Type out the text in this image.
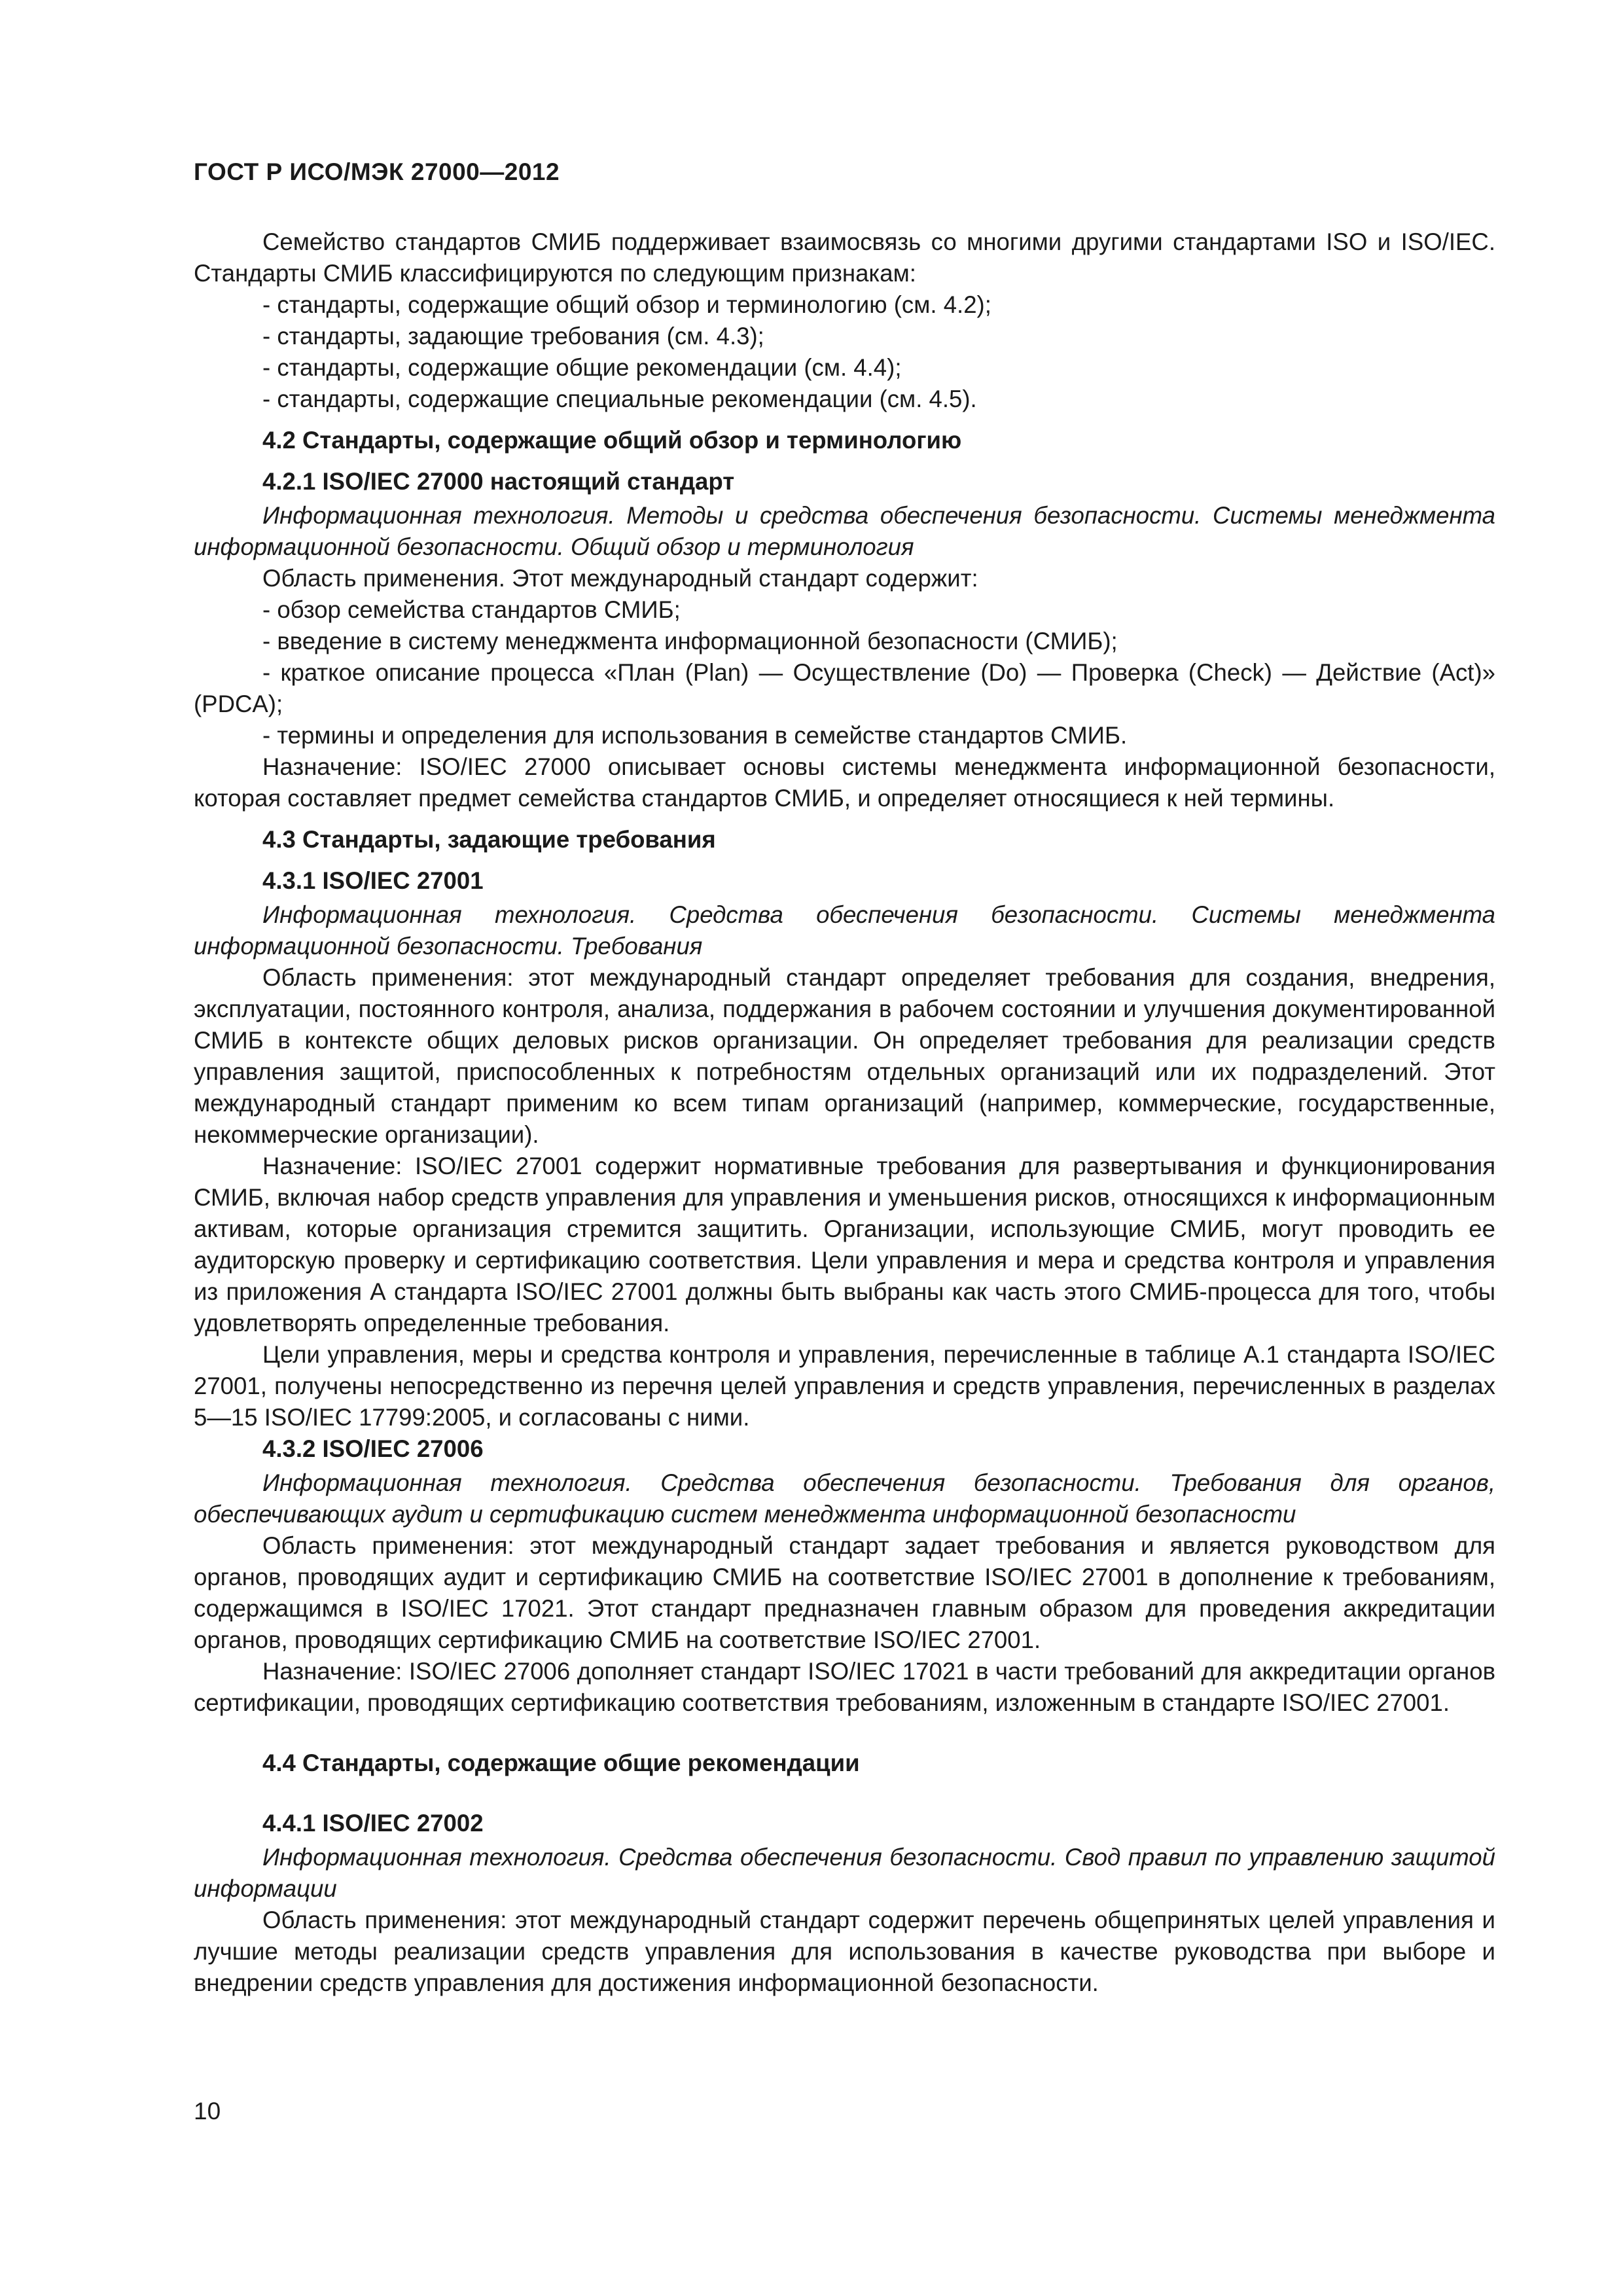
ГОСТ Р ИСО/МЭК 27000—2012

Семейство стандартов СМИБ поддерживает взаимосвязь со многими другими стандартами ISO и ISO/IEC. Стандарты СМИБ классифицируются по следующим признакам:

- стандарты, содержащие общий обзор и терминологию (см. 4.2);

- стандарты, задающие требования (см. 4.3);

- стандарты, содержащие общие рекомендации (см. 4.4);

- стандарты, содержащие специальные рекомендации (см. 4.5).

4.2 Стандарты, содержащие общий обзор и терминологию

4.2.1 ISO/IEC 27000 настоящий стандарт

Информационная технология. Методы и средства обеспечения безопасности. Системы менеджмента информационной безопасности. Общий обзор и терминология

Область применения. Этот международный стандарт содержит:

- обзор семейства стандартов СМИБ;

- введение в систему менеджмента информационной безопасности (СМИБ);

- краткое описание процесса «План (Plan) — Осуществление (Do) — Проверка (Check) — Действие (Act)» (PDCA);

- термины и определения для использования в семействе стандартов СМИБ.

Назначение: ISO/IEC 27000 описывает основы системы менеджмента информационной безопасности, которая составляет предмет семейства стандартов СМИБ, и определяет относящиеся к ней термины.

4.3 Стандарты, задающие требования

4.3.1 ISO/IEC 27001

Информационная технология. Средства обеспечения безопасности. Системы менеджмента информационной безопасности. Требования

Область применения: этот международный стандарт определяет требования для создания, внедрения, эксплуатации, постоянного контроля, анализа, поддержания в рабочем состоянии и улучшения документированной СМИБ в контексте общих деловых рисков организации. Он определяет требования для реализации средств управления защитой, приспособленных к потребностям отдельных организаций или их подразделений. Этот международный стандарт применим ко всем типам организаций (например, коммерческие, государственные, некоммерческие организации).

Назначение: ISO/IEC 27001 содержит нормативные требования для развертывания и функционирования СМИБ, включая набор средств управления для управления и уменьшения рисков, относящихся к информационным активам, которые организация стремится защитить. Организации, использующие СМИБ, могут проводить ее аудиторскую проверку и сертификацию соответствия. Цели управления и мера и средства контроля и управления из приложения А стандарта ISO/IEC 27001 должны быть выбраны как часть этого СМИБ-процесса для того, чтобы удовлетворять определенные требования.

Цели управления, меры и средства контроля и управления, перечисленные в таблице А.1 стандарта ISO/IEC 27001, получены непосредственно из перечня целей управления и средств управления, перечисленных в разделах 5—15 ISO/IEC 17799:2005, и согласованы с ними.

4.3.2 ISO/IEC 27006

Информационная технология. Средства обеспечения безопасности. Требования для органов, обеспечивающих аудит и сертификацию систем менеджмента информационной безопасности

Область применения: этот международный стандарт задает требования и является руководством для органов, проводящих аудит и сертификацию СМИБ на соответствие ISO/IEC 27001 в дополнение к требованиям, содержащимся в ISO/IEC 17021. Этот стандарт предназначен главным образом для проведения аккредитации органов, проводящих сертификацию СМИБ на соответствие ISO/IEC 27001.

Назначение: ISO/IEC 27006 дополняет стандарт ISO/IEC 17021 в части требований для аккредитации органов сертификации, проводящих сертификацию соответствия требованиям, изложенным в стандарте ISO/IEC 27001.

4.4 Стандарты, содержащие общие рекомендации

4.4.1 ISO/IEC 27002

Информационная технология. Средства обеспечения безопасности. Свод правил по управлению защитой информации

Область применения: этот международный стандарт содержит перечень общепринятых целей управления и лучшие методы реализации средств управления для использования в качестве руководства при выборе и внедрении средств управления для достижения информационной безопасности.

10
